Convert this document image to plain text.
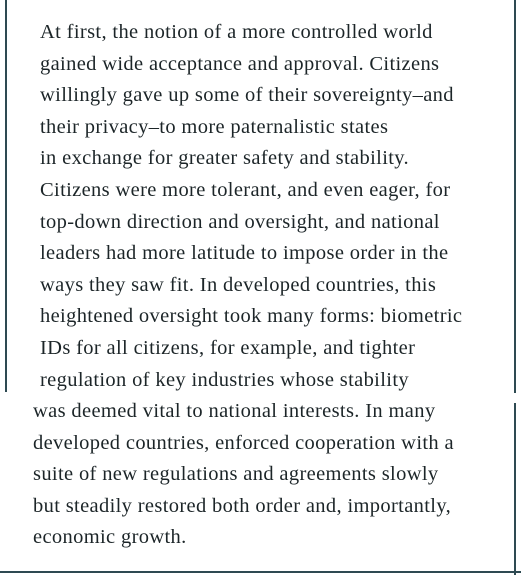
At first, the notion of a more controlled world
gained wide acceptance and approval. Citizens
willingly gave up some of their sovereignty–and
their privacy–to more paternalistic states
in exchange for greater safety and stability.
Citizens were more tolerant, and even eager, for
top-down direction and oversight, and national
leaders had more latitude to impose order in the
ways they saw fit. In developed countries, this
heightened oversight took many forms: biometric
IDs for all citizens, for example, and tighter
regulation of key industries whose stability
was deemed vital to national interests. In many
developed countries, enforced cooperation with a
suite of new regulations and agreements slowly
but steadily restored both order and, importantly,
economic growth.
